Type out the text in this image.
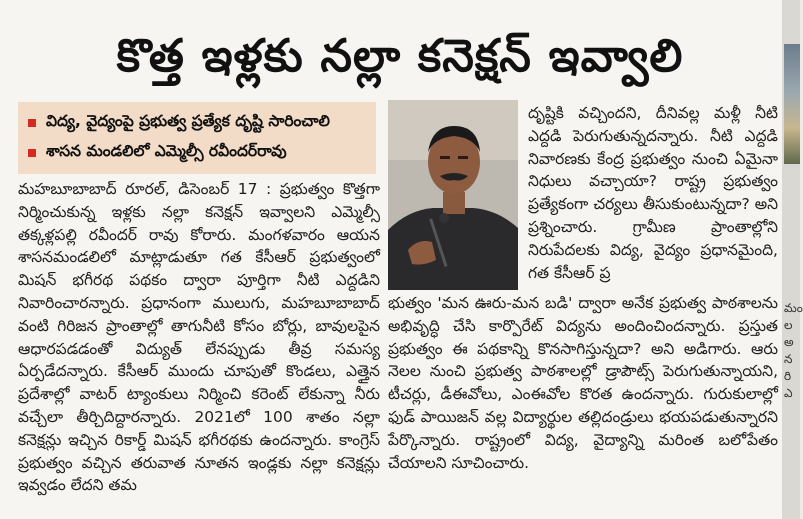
కొత్త ఇళ్లకు నల్లా కనెక్షన్ ఇవ్వాలి
విద్య, వైద్యంపై ప్రభుత్వ ప్రత్యేక దృష్టి సారించాలి
శాసన మండలిలో ఎమ్మెల్సీ రవీందర్‌రావు
మహబూబాబాద్ రూరల్, డిసెంబర్ 17 : ప్రభుత్వం కొత్తగా నిర్మించుకున్న ఇళ్లకు నల్లా కనెక్షన్ ఇవ్వాలని ఎమ్మెల్సీ తక్కళ్లపల్లి రవీందర్ రావు కోరారు. మంగళవారం ఆయన శాసనమండలిలో మాట్లాడుతూ గత కేసీఆర్ ప్రభుత్వంలో మిషన్ భగీరథ పథకం ద్వారా పూర్తిగా నీటి ఎద్దడిని నివారించారన్నారు. ప్రధానంగా ములుగు, మహబూబాబాద్ వంటి గిరిజన ప్రాంతాల్లో తాగునీటి కోసం బోర్లు, బావులపైన ఆధారపడడంతో విద్యుత్ లేనప్పుడు తీవ్ర సమస్య ఏర్పడేదన్నారు. కేసీఆర్ ముందు చూపుతో కొండలు, ఎత్తైన ప్రదేశాల్లో వాటర్ ట్యాంకులు నిర్మించి కరెంట్ లేకున్నా నీరు వచ్చేలా తీర్చిదిద్దారన్నారు. 2021లో 100 శాతం నల్లా కనెక్షన్లు ఇచ్చిన రికార్డ్ మిషన్ భగీరథకు ఉందన్నారు. కాంగ్రెస్ ప్రభుత్వం వచ్చిన తరువాత నూతన ఇండ్లకు నల్లా కనెక్షన్లు ఇవ్వడం లేదని తమ
దృష్టికి వచ్చిందని, దీనివల్ల మళ్లీ నీటి ఎద్దడి పెరుగుతున్నదన్నారు. నీటి ఎద్దడి నివారణకు కేంద్ర ప్రభుత్వం నుంచి ఏమైనా నిధులు వచ్చాయా? రాష్ట్ర ప్రభుత్వం ప్రత్యేకంగా చర్యలు తీసుకుంటున్నదా? అని ప్రశ్నించారు. గ్రామీణ ప్రాంతాల్లోని నిరుపేదలకు విద్య, వైద్యం ప్రధానమైంది, గత కేసీఆర్ ప్ర
భుత్వం 'మన ఊరు-మన బడి' ద్వారా అనేక ప్రభుత్వ పాఠశాలను అభివృద్ధి చేసి కార్పొరేట్ విద్యను అందించిందన్నారు. ప్రస్తుత ప్రభుత్వం ఈ పథకాన్ని కొనసాగిస్తున్నదా? అని అడిగారు. ఆరు నెలల నుంచి ప్రభుత్వ పాఠశాలల్లో డ్రాపౌట్స్ పెరుగుతున్నాయని, టీచర్లు, డీఈవోలు, ఎంఈవోల కొరత ఉందన్నారు. గురుకులాల్లో ఫుడ్ పాయిజన్ వల్ల విద్యార్థుల తల్లిదండ్రులు భయపడుతున్నారని పేర్కొన్నారు. రాష్ట్రంలో విద్య, వైద్యాన్ని మరింత బలోపేతం చేయాలని సూచించారు.
మం ల అ న రి ఎ
